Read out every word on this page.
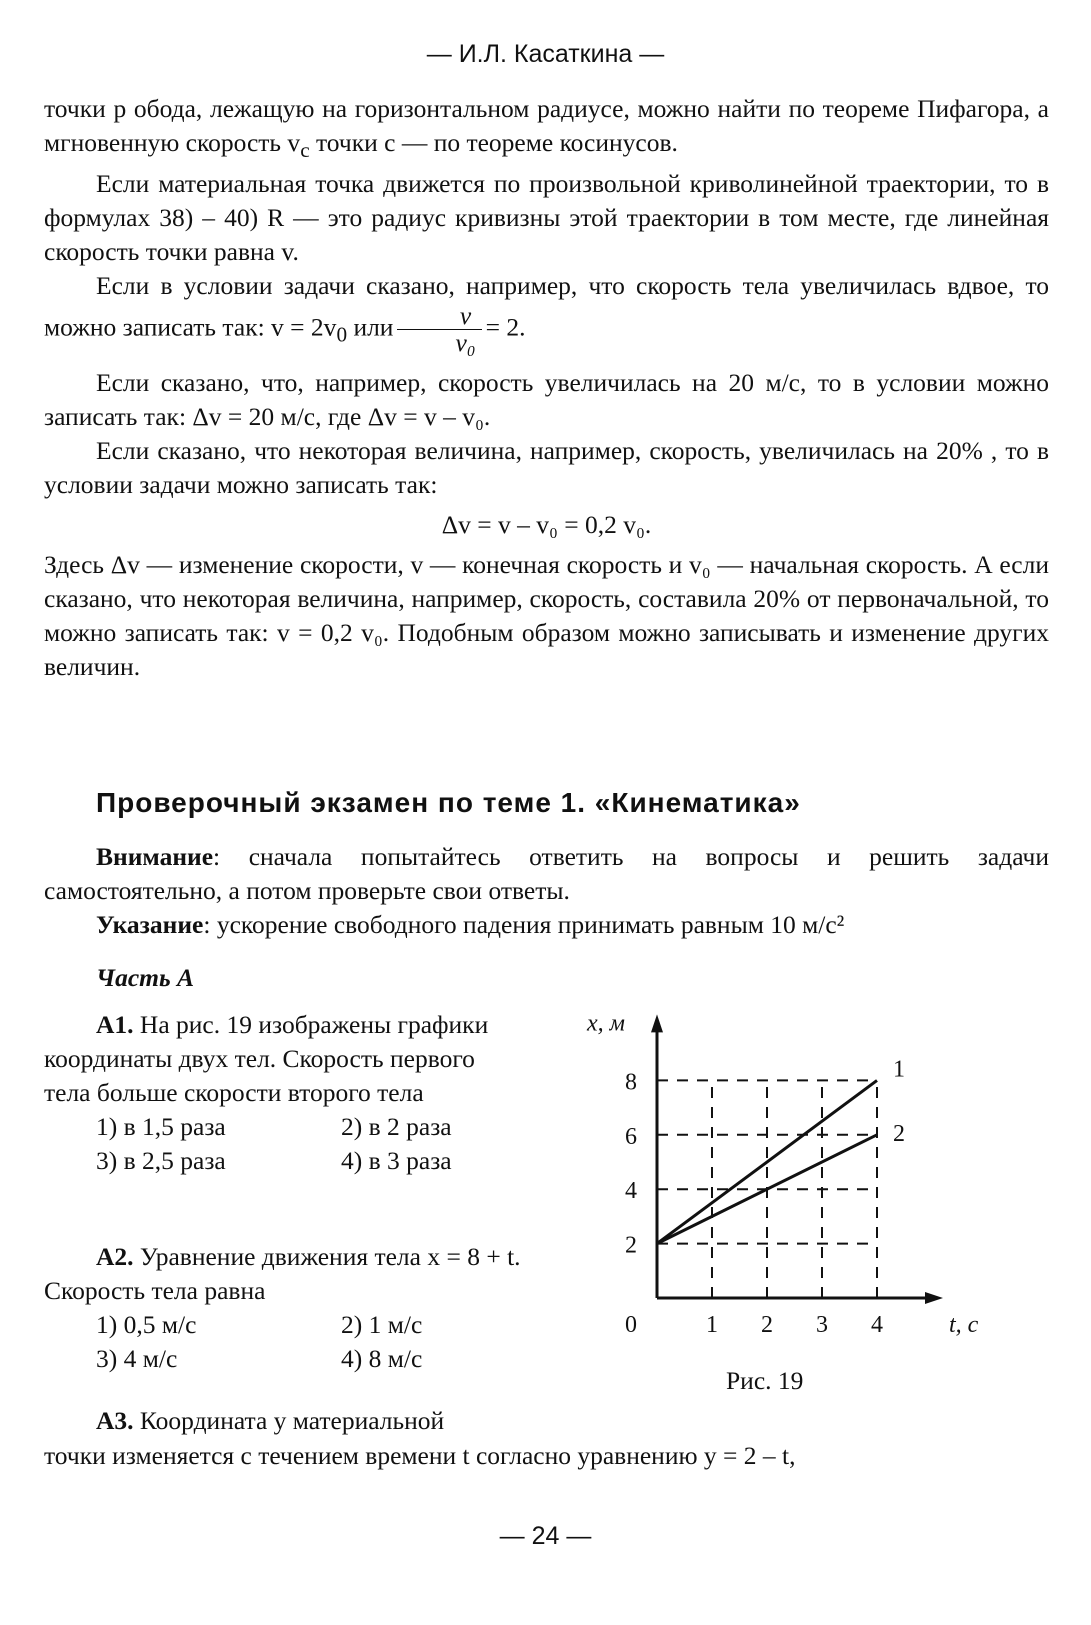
— И.Л. Касаткина —

точки p обода, лежащую на горизонтальном радиусе, можно найти по теореме Пифагора, а мгновенную скорость $v_c$ точки c — по теореме косинусов.

Если материальная точка движется по произвольной криволинейной траектории, то в формулах 38) – 40) R — это радиус кривизны этой траектории в том месте, где линейная скорость точки равна v.

Если в условии задачи сказано, например, что скорость тела увеличилась вдвое, то можно записать так: $v = 2v_0$ или $\frac{v}{\text{v₀}} = 2$.

Если сказано, что, например, скорость увеличилась на 20 м/с, то в условии можно записать так: Δv = 20 м/с, где Δv = v – v₀.

Если сказано, что некоторая величина, например, скорость, увеличилась на 20% , то в условии задачи можно записать так:

Δv = v – v₀ = 0,2 v₀.

Здесь Δv — изменение скорости, v — конечная скорость и v₀ — начальная скорость. А если сказано, что некоторая величина, например, скорость, составила 20% от первоначальной, то можно записать так: v = 0,2 v₀. Подобным образом можно записывать и изменение других величин.

Проверочный экзамен по теме 1. «Кинематика»

Внимание: сначала попытайтесь ответить на вопросы и решить задачи самостоятельно, а потом проверьте свои ответы.

Указание: ускорение свободного падения принимать равным 10 м/с²

Часть А

А1. На рис. 19 изображены графики координаты двух тел. Скорость первого тела больше скорости второго тела

1) в 1,5 раза	2) в 2 раза
3) в 2,5 раза	4) в 3 раза

А2. Уравнение движения тела x = 8 + t. Скорость тела равна

1) 0,5 м/с	2) 1 м/с
3) 4 м/с	4) 8 м/с
1
2
1 2 3 4
2
4
6
8
0	t, c
x, м
Рис. 19
А3. Координата y материальной
точки изменяется с течением времени t согласно уравнению y = 2 – t,
— 24 —
